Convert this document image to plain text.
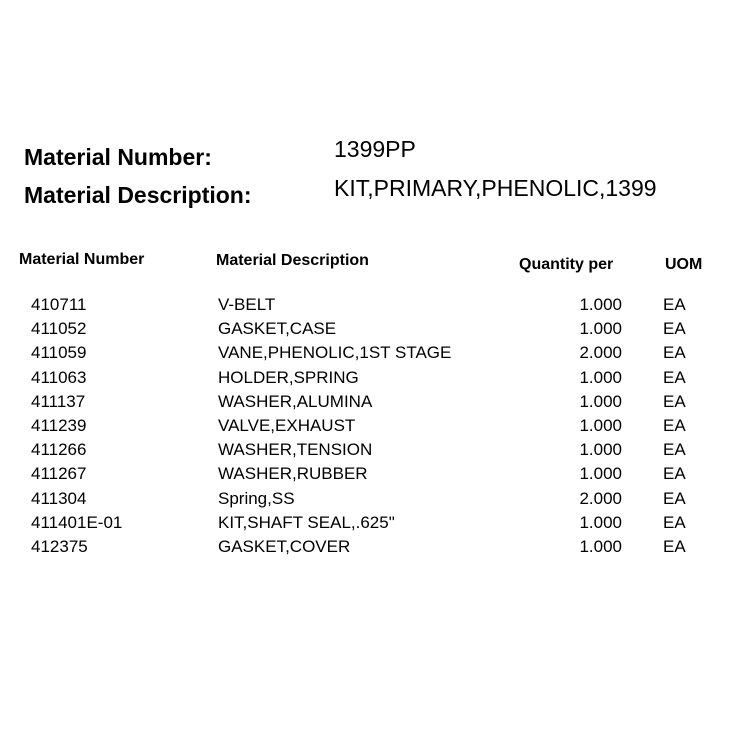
Material Number:	1399PP
Material Description:	KIT,PRIMARY,PHENOLIC,1399
Material Number	Material Description	Quantity per	UOM
410711	V-BELT	1.000 EA
411052	GASKET,CASE	1.000 EA
411059	VANE,PHENOLIC,1ST STAGE	2.000 EA
411063	HOLDER,SPRING	1.000 EA
411137	WASHER,ALUMINA	1.000 EA
411239	VALVE,EXHAUST	1.000 EA
411266	WASHER,TENSION	1.000 EA
411267	WASHER,RUBBER	1.000 EA
411304	Spring,SS	2.000 EA
411401E-01	KIT,SHAFT SEAL,.625"	1.000 EA
412375	GASKET,COVER	1.000 EA
